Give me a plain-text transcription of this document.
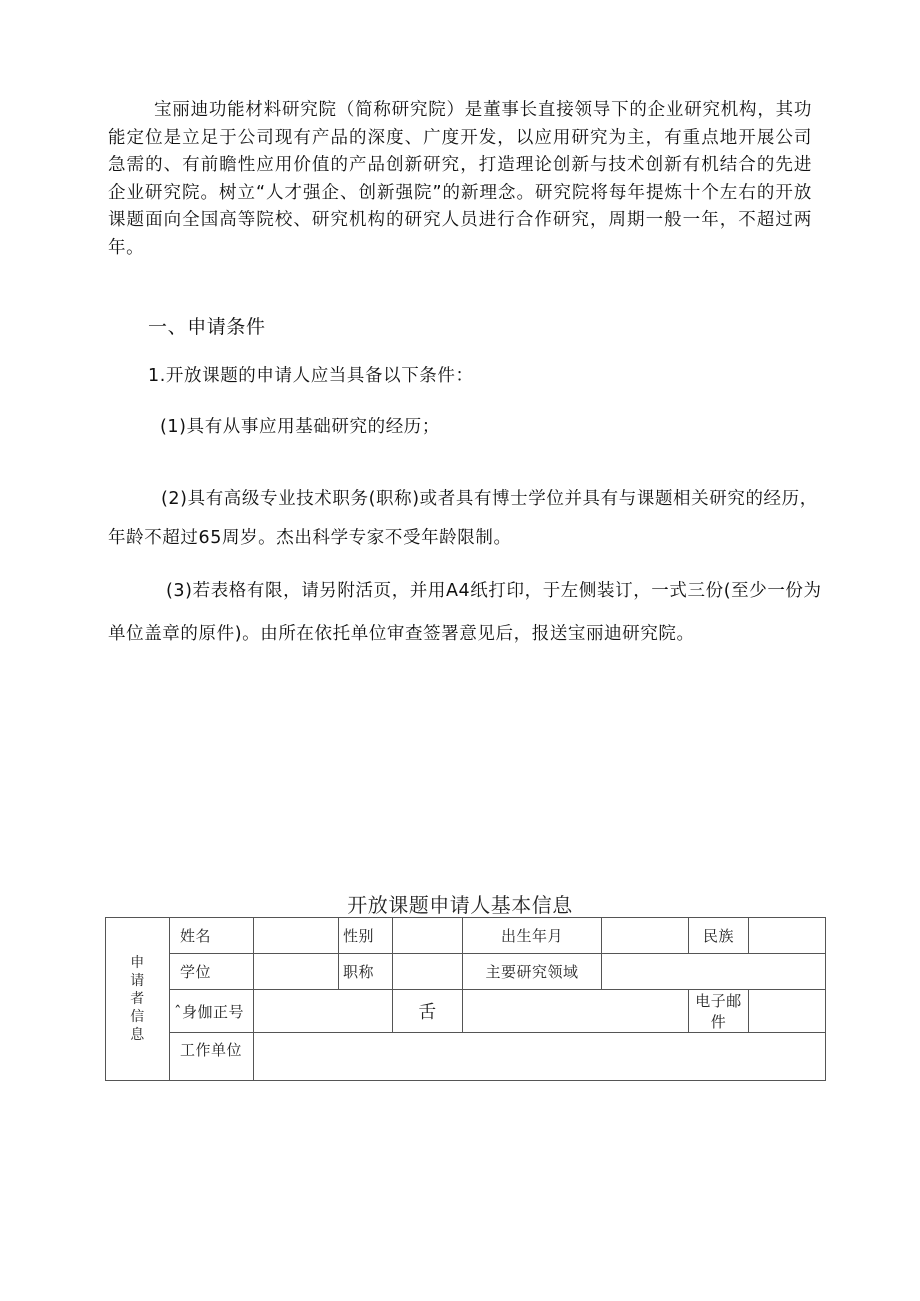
宝丽迪功能材料研究院（简称研究院）是董事长直接领导下的企业研究机构，其功能定位是立足于公司现有产品的深度、广度开发，以应用研究为主，有重点地开展公司急需的、有前瞻性应用价值的产品创新研究，打造理论创新与技术创新有机结合的先进企业研究院。树立“人才强企、创新强院”的新理念。研究院将每年提炼十个左右的开放课题面向全国高等院校、研究机构的研究人员进行合作研究，周期一般一年，不超过两年。

一、申请条件

1.开放课题的申请人应当具备以下条件：

(1)具有从事应用基础研究的经历；

(2)具有高级专业技术职务(职称)或者具有博士学位并具有与课题相关研究的经历，年龄不超过65周岁。杰出科学专家不受年龄限制。

(3)若表格有限，请另附活页，并用A4纸打印，于左侧装订，一式三份(至少一份为单位盖章的原件)。由所在依托单位审查签署意见后，报送宝丽迪研究院。

开放课题申请人基本信息
申请者信息	姓名		性别		出生年月		民族	
	学位		职称		主要研究领域			
	ˆ身伽正号			舌			电子邮件	
	工作单位							
